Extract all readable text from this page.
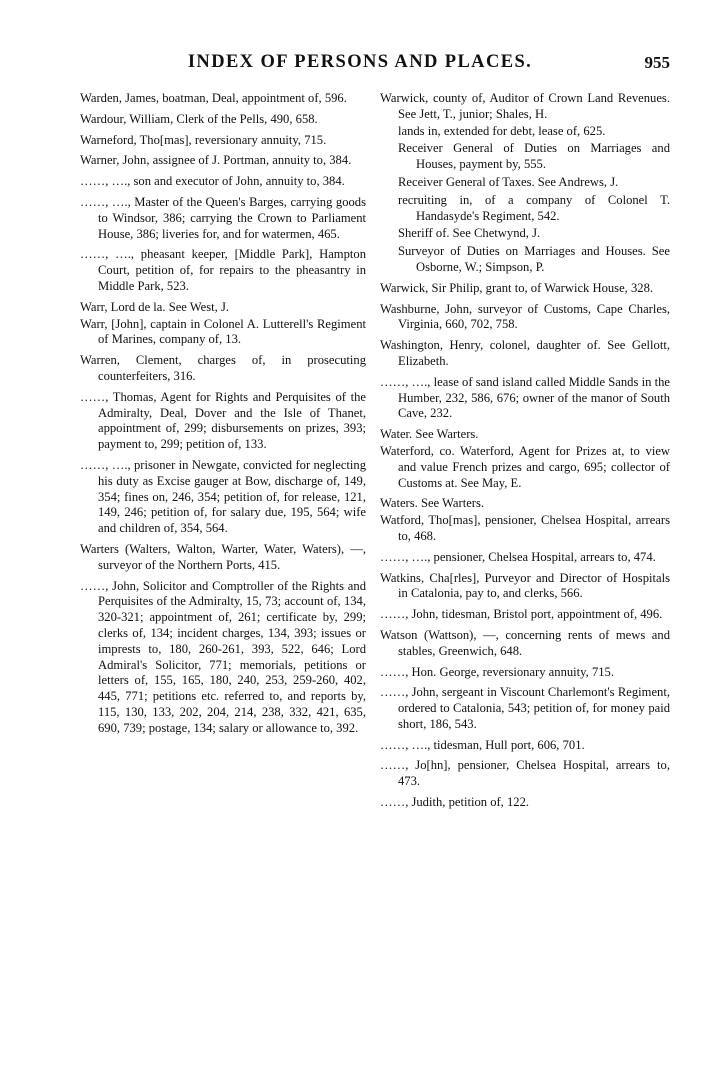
INDEX OF PERSONS AND PLACES.	955
Warden, James, boatman, Deal, appointment of, 596.
Wardour, William, Clerk of the Pells, 490, 658.
Warneford, Tho[mas], reversionary annuity, 715.
Warner, John, assignee of J. Portman, annuity to, 384.
……, …., son and executor of John, annuity to, 384.
……, …., Master of the Queen's Barges, carrying goods to Windsor, 386; carrying the Crown to Parliament House, 386; liveries for, and for watermen, 465.
……, …., pheasant keeper, [Middle Park], Hampton Court, petition of, for repairs to the pheasantry in Middle Park, 523.
Warr, Lord de la. See West, J.
Warr, [John], captain in Colonel A. Lutterell's Regiment of Marines, company of, 13.
Warren, Clement, charges of, in prosecuting counterfeiters, 316.
……, Thomas, Agent for Rights and Perquisites of the Admiralty, Deal, Dover and the Isle of Thanet, appointment of, 299; disbursements on prizes, 393; payment to, 299; petition of, 133.
……, …., prisoner in Newgate, convicted for neglecting his duty as Excise gauger at Bow, discharge of, 149, 354; fines on, 246, 354; petition of, for release, 121, 149, 246; petition of, for salary due, 195, 564; wife and children of, 354, 564.
Warters (Walters, Walton, Warter, Water, Waters), —, surveyor of the Northern Ports, 415.
……, John, Solicitor and Comptroller of the Rights and Perquisites of the Admiralty, 15, 73; account of, 134, 320-321; appointment of, 261; certificate by, 299; clerks of, 134; incident charges, 134, 393; issues or imprests to, 180, 260-261, 393, 522, 646; Lord Admiral's Solicitor, 771; memorials, petitions or letters of, 155, 165, 180, 240, 253, 259-260, 402, 445, 771; petitions etc. referred to, and reports by, 115, 130, 133, 202, 204, 214, 238, 332, 421, 635, 690, 739; postage, 134; salary or allowance to, 392.
Warwick, county of, Auditor of Crown Land Revenues. See Jett, T., junior; Shales, H.
lands in, extended for debt, lease of, 625.
Receiver General of Duties on Marriages and Houses, payment by, 555.
Receiver General of Taxes. See Andrews, J.
recruiting in, of a company of Colonel T. Handasyde's Regiment, 542.
Sheriff of. See Chetwynd, J.
Surveyor of Duties on Marriages and Houses. See Osborne, W.; Simpson, P.
Warwick, Sir Philip, grant to, of Warwick House, 328.
Washburne, John, surveyor of Customs, Cape Charles, Virginia, 660, 702, 758.
Washington, Henry, colonel, daughter of. See Gellott, Elizabeth.
……, …., lease of sand island called Middle Sands in the Humber, 232, 586, 676; owner of the manor of South Cave, 232.
Water. See Warters.
Waterford, co. Waterford, Agent for Prizes at, to view and value French prizes and cargo, 695; collector of Customs at. See May, E.
Waters. See Warters.
Watford, Tho[mas], pensioner, Chelsea Hospital, arrears to, 468.
……, …., pensioner, Chelsea Hospital, arrears to, 474.
Watkins, Cha[rles], Purveyor and Director of Hospitals in Catalonia, pay to, and clerks, 566.
……, John, tidesman, Bristol port, appointment of, 496.
Watson (Wattson), —, concerning rents of mews and stables, Greenwich, 648.
……, Hon. George, reversionary annuity, 715.
……, John, sergeant in Viscount Charlemont's Regiment, ordered to Catalonia, 543; petition of, for money paid short, 186, 543.
……, …., tidesman, Hull port, 606, 701.
……, Jo[hn], pensioner, Chelsea Hospital, arrears to, 473.
……, Judith, petition of, 122.
